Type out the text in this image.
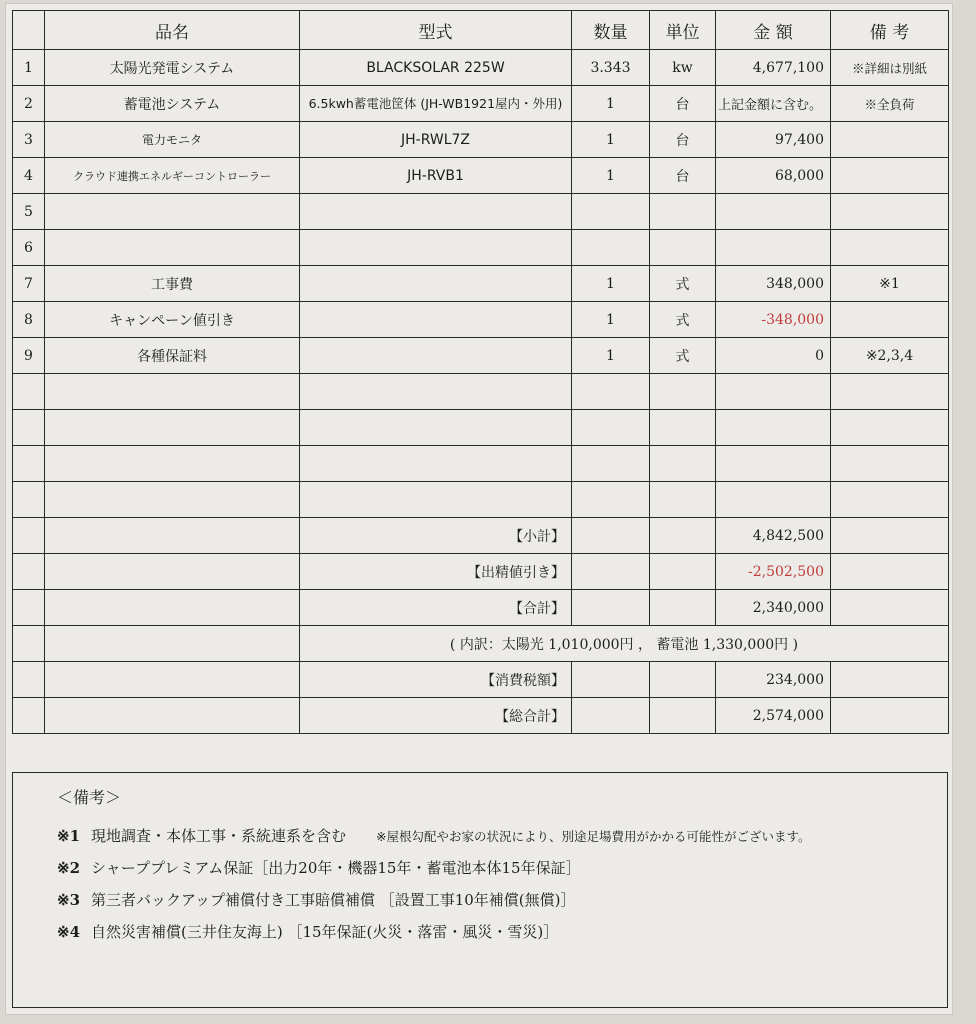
	品名	型式	数量	単位	金 額	備 考
1	太陽光発電システム	BLACKSOLAR 225W	3.343	kw	4,677,100	※詳細は別紙
2	蓄電池システム	6.5kwh蓄電池筐体 (JH-WB1921屋内・外用)	1	台	上記金額に含む。	※全負荷
3	電力モニタ	JH-RWL7Z	1	台	97,400	
4	クラウド連携エネルギーコントローラー	JH-RVB1	1	台	68,000	
5						
6						
7	工事費		1	式	348,000	※1
8	キャンペーン値引き		1	式	-348,000	
9	各種保証料		1	式	0	※2,3,4

		【小計】			4,842,500	
		【出精値引き】			-2,502,500	
		【合計】			2,340,000	
		( 内訳：太陽光 1,010,000円 ， 蓄電池 1,330,000円 )				
		【消費税額】			234,000	
		【総合計】			2,574,000	
＜備考＞
※1 現地調査・本体工事・系統連系を含む ※屋根勾配やお家の状況により、別途足場費用がかかる可能性がございます。
※2 シャーププレミアム保証［出力20年・機器15年・蓄電池本体15年保証］
※3 第三者バックアップ補償付き工事賠償補償 ［設置工事10年補償(無償)］
※4 自然災害補償(三井住友海上) ［15年保証(火災・落雷・風災・雪災)］
